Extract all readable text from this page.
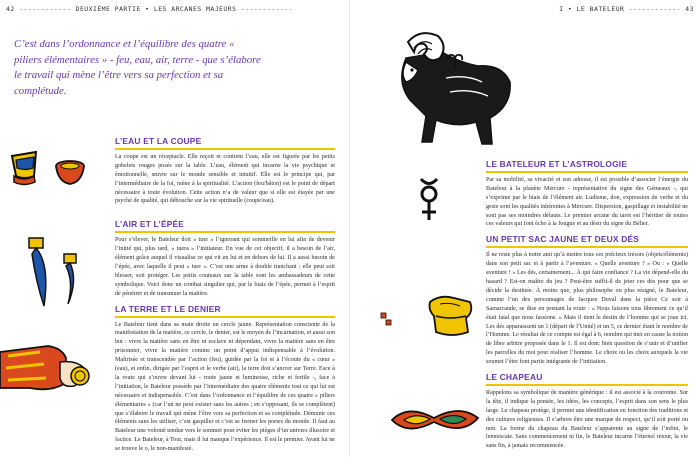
42 ------------ DEUXIÈME PARTIE • LES ARCANES MAJEURS ------------
C’est dans l’ordonnance et l’équilibre des quatre « piliers élémentaires » - feu, eau, air, terre - que s’élabore le travail qui mène l’être vers sa perfection et sa complétude.
L’EAU ET LA COUPE

La coupe est un réceptacle. Elle reçoit et contient l’eau, elle est figurée par les petits gobelets rouges posés sur la table. L’eau, élément qui incarne la vie psychique et émotionnelle, œuvre sur le monde sensible et intuitif. Elle est le principe qui, par l’intermédiaire de la foi, mène à la spiritualité. L’action (feu/bâton) est le point de départ nécessaire à toute évolution. Cette action n’a de valeur que si elle est étayée par une psyché de qualité, qui débouche sur la vie spirituelle (coupe/eau).

L’AIR ET L’ÉPÉE

Pour s’élever, le Bateleur doit « tuer » l’ignorant qui sommeille en lui afin de devenir l’initié qui, plus tard, « tuera » l’initiateur. En vue de cet objectif, il a besoin de l’air, élément grâce auquel il visualise ce qui vit en lui et en dehors de lui. Il a aussi besoin de l’épée, avec laquelle il peut « tuer ». C’est une arme à double tranchant : elle peut soit blesser, soit protéger. Les petits couteaux sur la table sont les ambassadeurs de cette symbolique. Voici donc un combat singulier qui, par le biais de l’épée, permet à l’esprit de pénétrer et de transmuer la matière.

LA TERRE ET LE DENIER

Le Bateleur tient dans sa main droite un cercle jaune. Représentation consciente de la manifestation de la matière, ce cercle, le denier, est le moyen de l’incarnation, et aussi son but : vivre la matière sans en être ni esclave ni dépendant, vivre la matière sans en être prisonnier, vivre la matière comme un point d’appui indispensable à l’évolution. Maîtrisée et transcendée par l’action (feu), guidée par la foi et à l’écoute du « cœur » (eau), et enfin, dirigée par l’esprit et le verbe (air), la terre doit s’ancrer sur Terre. Face à la route qui s’ouvre devant lui - route jaune et lumineuse, riche et fertile -, face à l’initiation, le Bateleur possède par l’intermédiaire des quatre éléments tout ce qui lui est nécessaire et indispensable. C’est dans l’ordonnance et l’équilibre de ces quatre « piliers élémentaires » (car l’un ne peut exister sans les autres ; en s’opposant, ils se complètent) que s’élabore le travail qui mène l’être vers sa perfection et sa complétude. Démunir ces éléments sans les utiliser, c’est gaspiller et c’est se fermer les portes du monde. Il faut au Bateleur une volonté tendue vers le sommet pour éviter les pièges d’un univers illusoire et factice. Le Bateleur, à Tout, mais il lui manque l’expérience. Il est le premier. Avant lui ne se trouve le o, le non-manifesté.

I • LE BATELEUR ------------ 43
LE BATELEUR ET L’ASTROLOGIE

Par sa mobilité, sa vivacité et son adresse, il est possible d’associer l’énergie du Bateleur à la planète Mercure - représentative du signe des Gémeaux -, qui s’exprime par le biais de l’élément air. Ludisme, don, expression du verbe et du geste sont les qualités inhérentes à Mercure. Dispersion, gaspillage et instabilité ne sont pas ses moindres défauts. Le premier arcane du tarot est l’héritier de toutes ces valeurs qui font écho à la fougue et au désir du signe du Bélier.

UN PETIT SAC JAUNE ET DEUX DÉS

Il ne reste plus à notre ami qu’à mettre tous ces précieux trésors (objets/éléments) dans son petit sac et à partir à l’aventure. « Quelle aventure ? » Ou : « Quelle aventure ! » Les dés, certainement... À qui faire confiance ? La vie dépend-elle du hasard ? Est-on maître du jeu ? Peut-être suffit-il de jeter ces dés pour que se décide la destinée. À moins que, plus philosophe ou plus résigné, le Bateleur, comme l’un des personnages de Jacques Duval dans la pièce Ce soir à Samarcande, se dise en prenant la route : « Nous faisons tous librement ce qu’il était fatal que nous fassions. » Mais il tient le destin de l’homme qui se joue ici. Les dés apparaissent un 1 (départ de l’Unité) et un 5, ce dernier étant le nombre de l’Homme. Le résultat de ce compte est égal à 6, nombre qui met en cause la notion de libre arbitre proposée dans le 1. Il est donc bien question de s’unir et d’unifier les parcelles du moi pour réaliser l’homme. Le choix ou les choix auxquels la vie soumet l’être font partie intégrante de l’initiation.

LE CHAPEAU

Rappelons sa symbolique de manière générique : il est associé à la couronne. Sur la tête, il indique la pensée, les idées, les concepts, l’esprit dans son sens le plus large. Le chapeau protège, il permet une identification en fonction des traditions et des cultures religieuses. Il s’arbore être une marque de respect, qu’il soit porté ou non. La forme du chapeau du Bateleur s’apparente au signe de l’infini, le lemniscate. Sans commencement ni fin, le Bateleur incarne l’éternel retour, la vie sans fin, à jamais recommencée.
